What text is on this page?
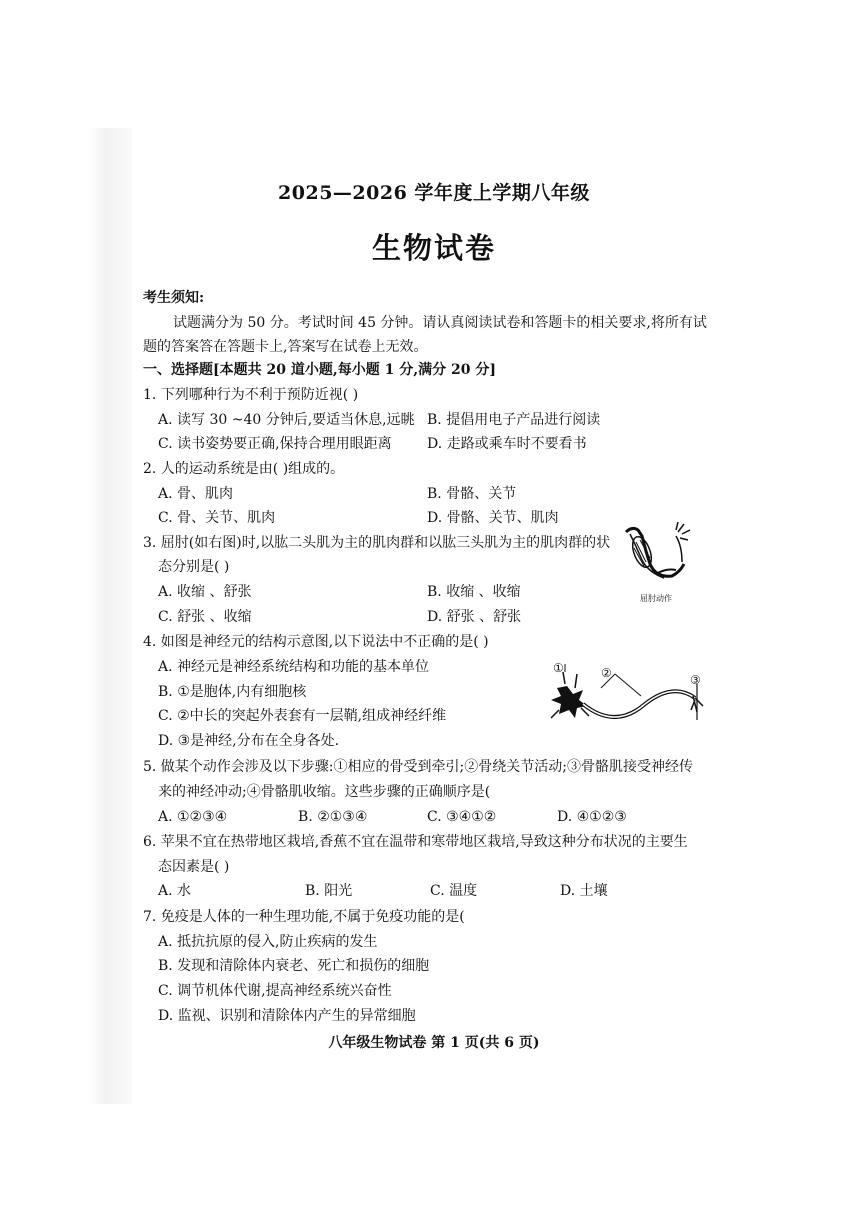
2025—2026 学年度上学期八年级
生物试卷
考生须知:
试题满分为 50 分。考试时间 45 分钟。请认真阅读试卷和答题卡的相关要求,将所有试
题的答案答在答题卡上,答案写在试卷上无效。
一、选择题[本题共 20 道小题,每小题 1 分,满分 20 分]
1. 下列哪种行为不利于预防近视( )
A. 读写 30 ~40 分钟后,要适当休息,远眺 B. 提倡用电子产品进行阅读
C. 读书姿势要正确,保持合理用眼距离	D. 走路或乘车时不要看书
2. 人的运动系统是由( )组成的。
A. 骨、肌肉	B. 骨骼、关节
C. 骨、关节、肌肉	D. 骨骼、关节、肌肉
3. 屈肘(如右图)时,以肱二头肌为主的肌肉群和以肱三头肌为主的肌肉群的状
态分别是( )
A. 收缩 、舒张	B. 收缩 、收缩
C. 舒张 、收缩	D. 舒张 、舒张
屈肘动作
4. 如图是神经元的结构示意图,以下说法中不正确的是( )
A. 神经元是神经系统结构和功能的基本单位
B. ①是胞体,内有细胞核
C. ②中长的突起外表套有一层鞘,组成神经纤维
D. ③是神经,分布在全身各处.
①	②	③
5. 做某个动作会涉及以下步骤:①相应的骨受到牵引;②骨绕关节活动;③骨骼肌接受神经传
来的神经冲动;④骨骼肌收缩。这些步骤的正确顺序是(
A. ①②③④	B. ②①③④	C. ③④①②	D. ④①②③
6. 苹果不宜在热带地区栽培,香蕉不宜在温带和寒带地区栽培,导致这种分布状况的主要生
态因素是( )
A. 水	B. 阳光	C. 温度	D. 土壤
7. 免疫是人体的一种生理功能,不属于免疫功能的是(
A. 抵抗抗原的侵入,防止疾病的发生
B. 发现和清除体内衰老、死亡和损伤的细胞
C. 调节机体代谢,提高神经系统兴奋性
D. 监视、识别和清除体内产生的异常细胞
八年级生物试卷 第 1 页(共 6 页)
